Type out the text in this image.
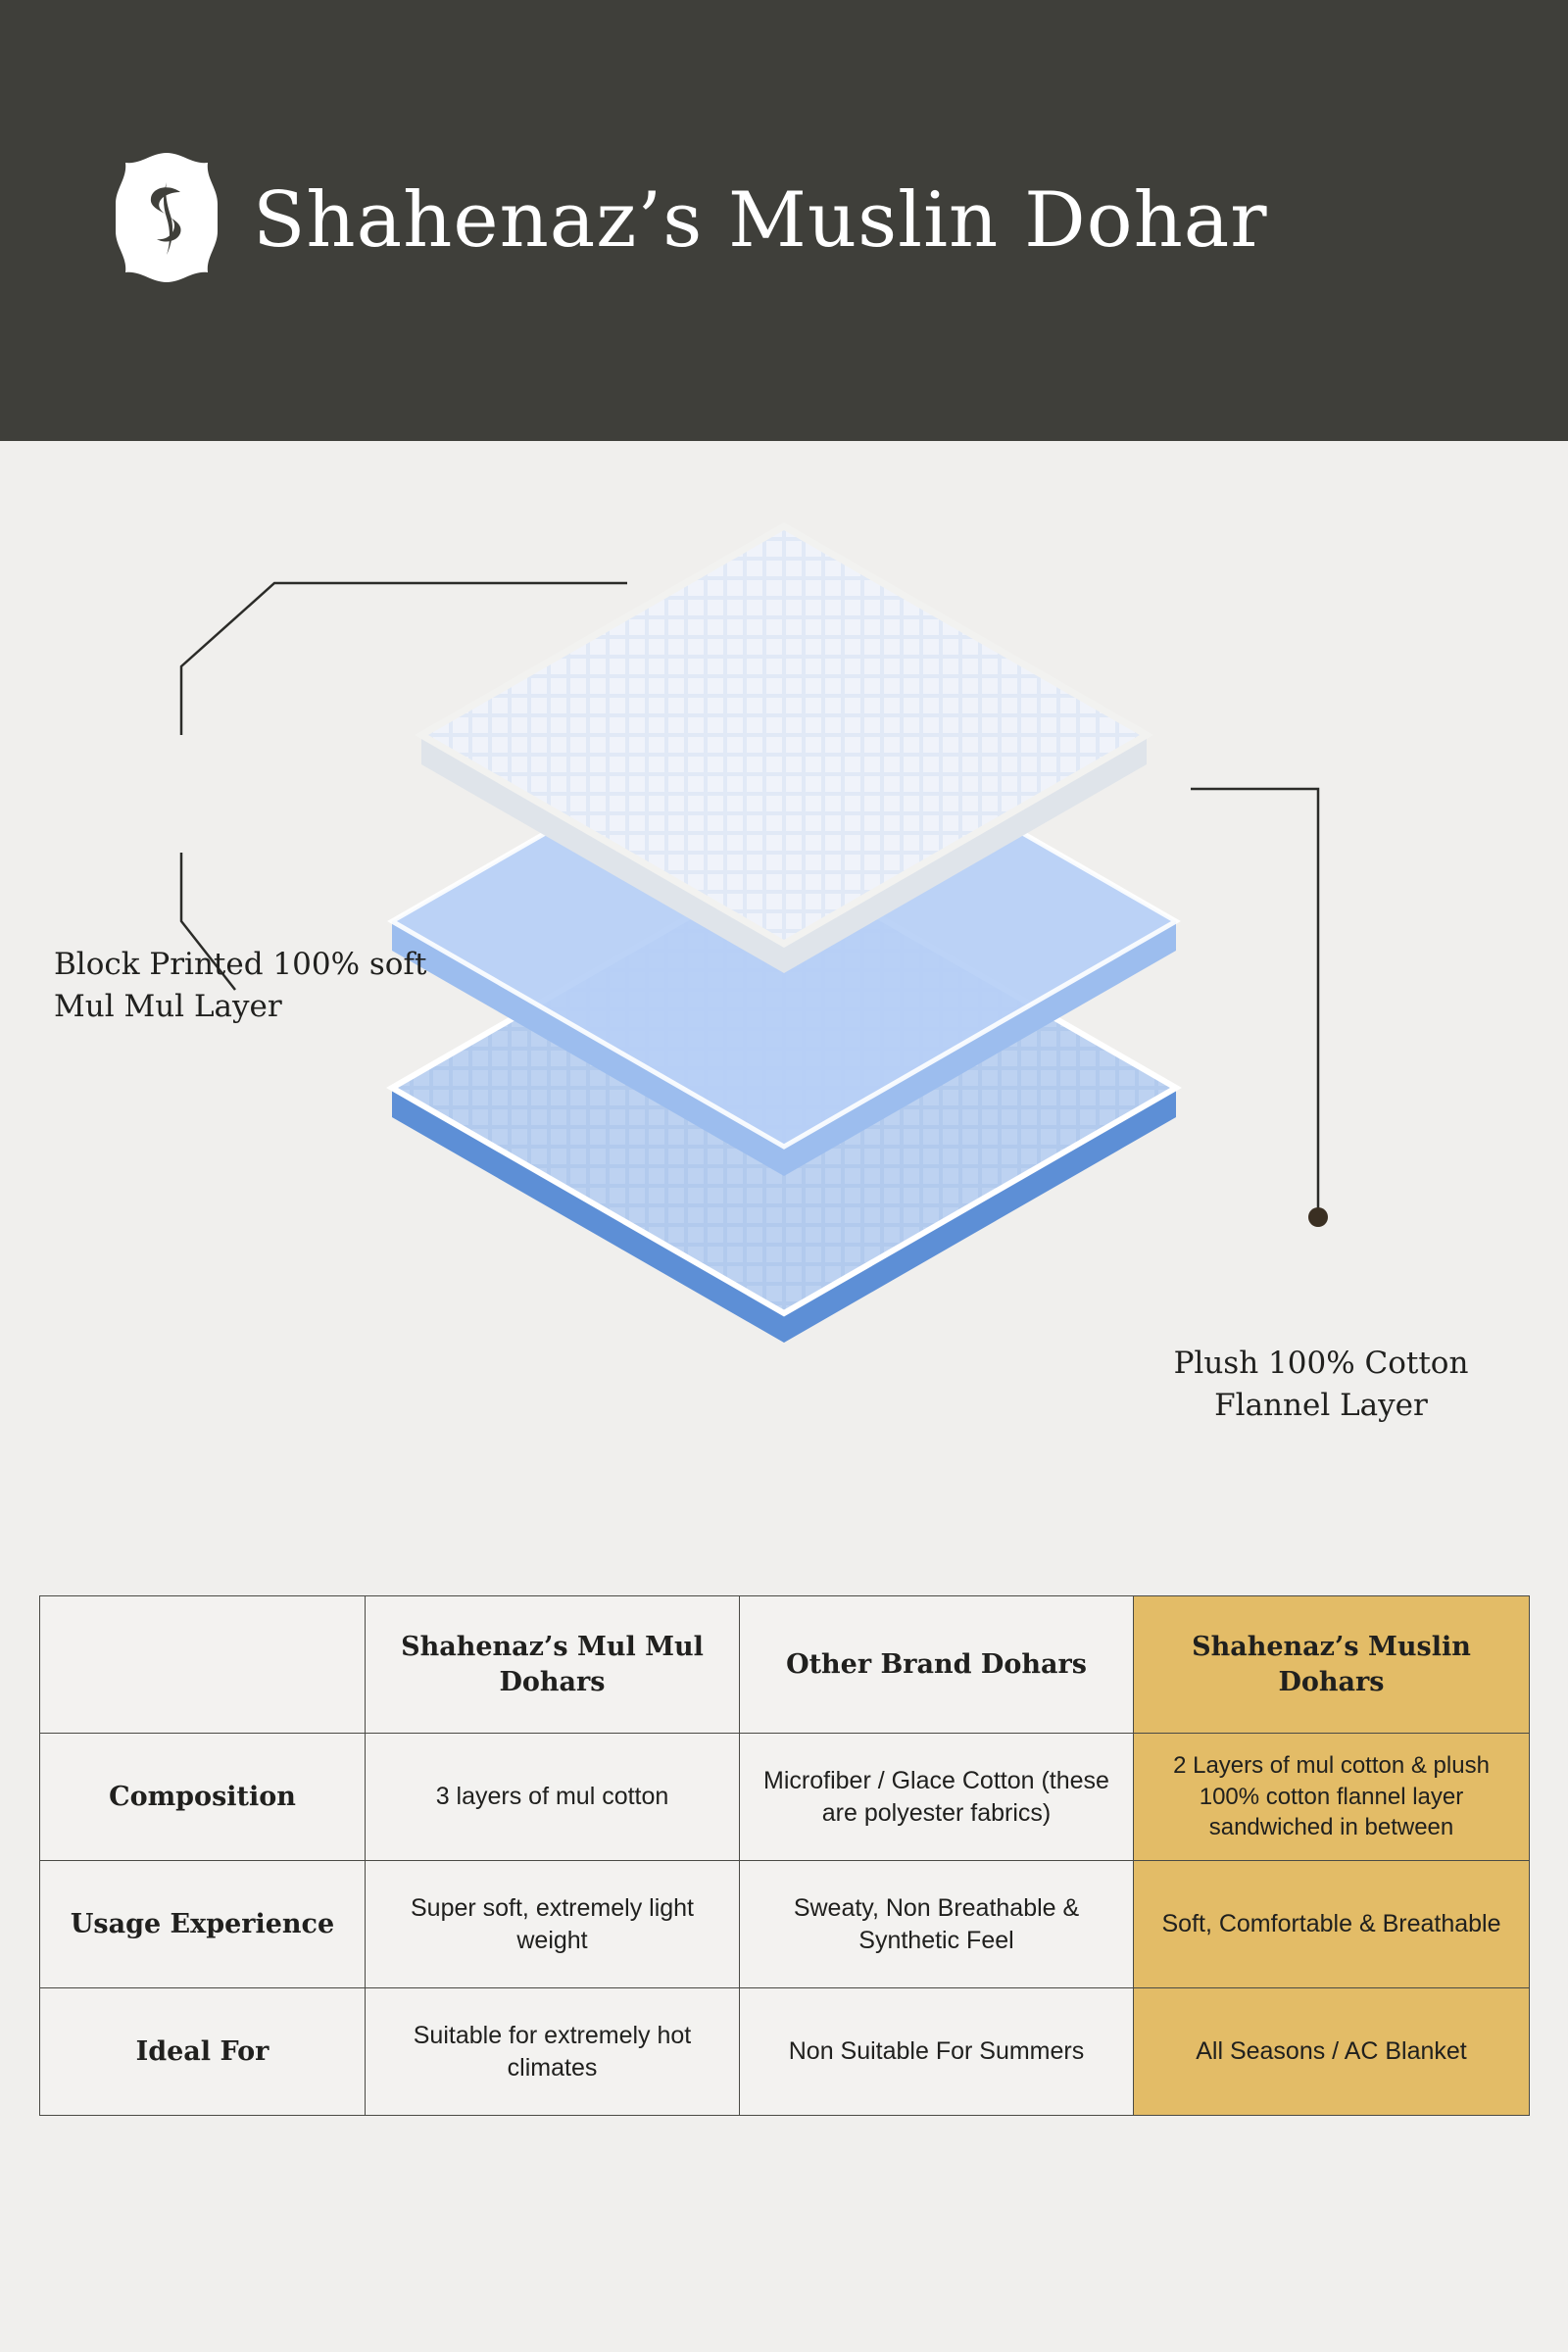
Shahenaz’s Muslin Dohar
Block Printed 100% soft Mul Mul Layer
Plush 100% Cotton Flannel Layer
	Shahenaz’s Mul Mul Dohars	Other Brand Dohars	Shahenaz’s Muslin Dohars
Composition	3 layers of mul cotton	Microfiber / Glace Cotton (these are polyester fabrics)	2 Layers of mul cotton & plush 100% cotton flannel layer sandwiched in between
Usage Experience	Super soft, extremely light weight	Sweaty, Non Breathable & Synthetic Feel	Soft, Comfortable & Breathable
Ideal For	Suitable for extremely hot climates	Non Suitable For Summers	All Seasons / AC Blanket
